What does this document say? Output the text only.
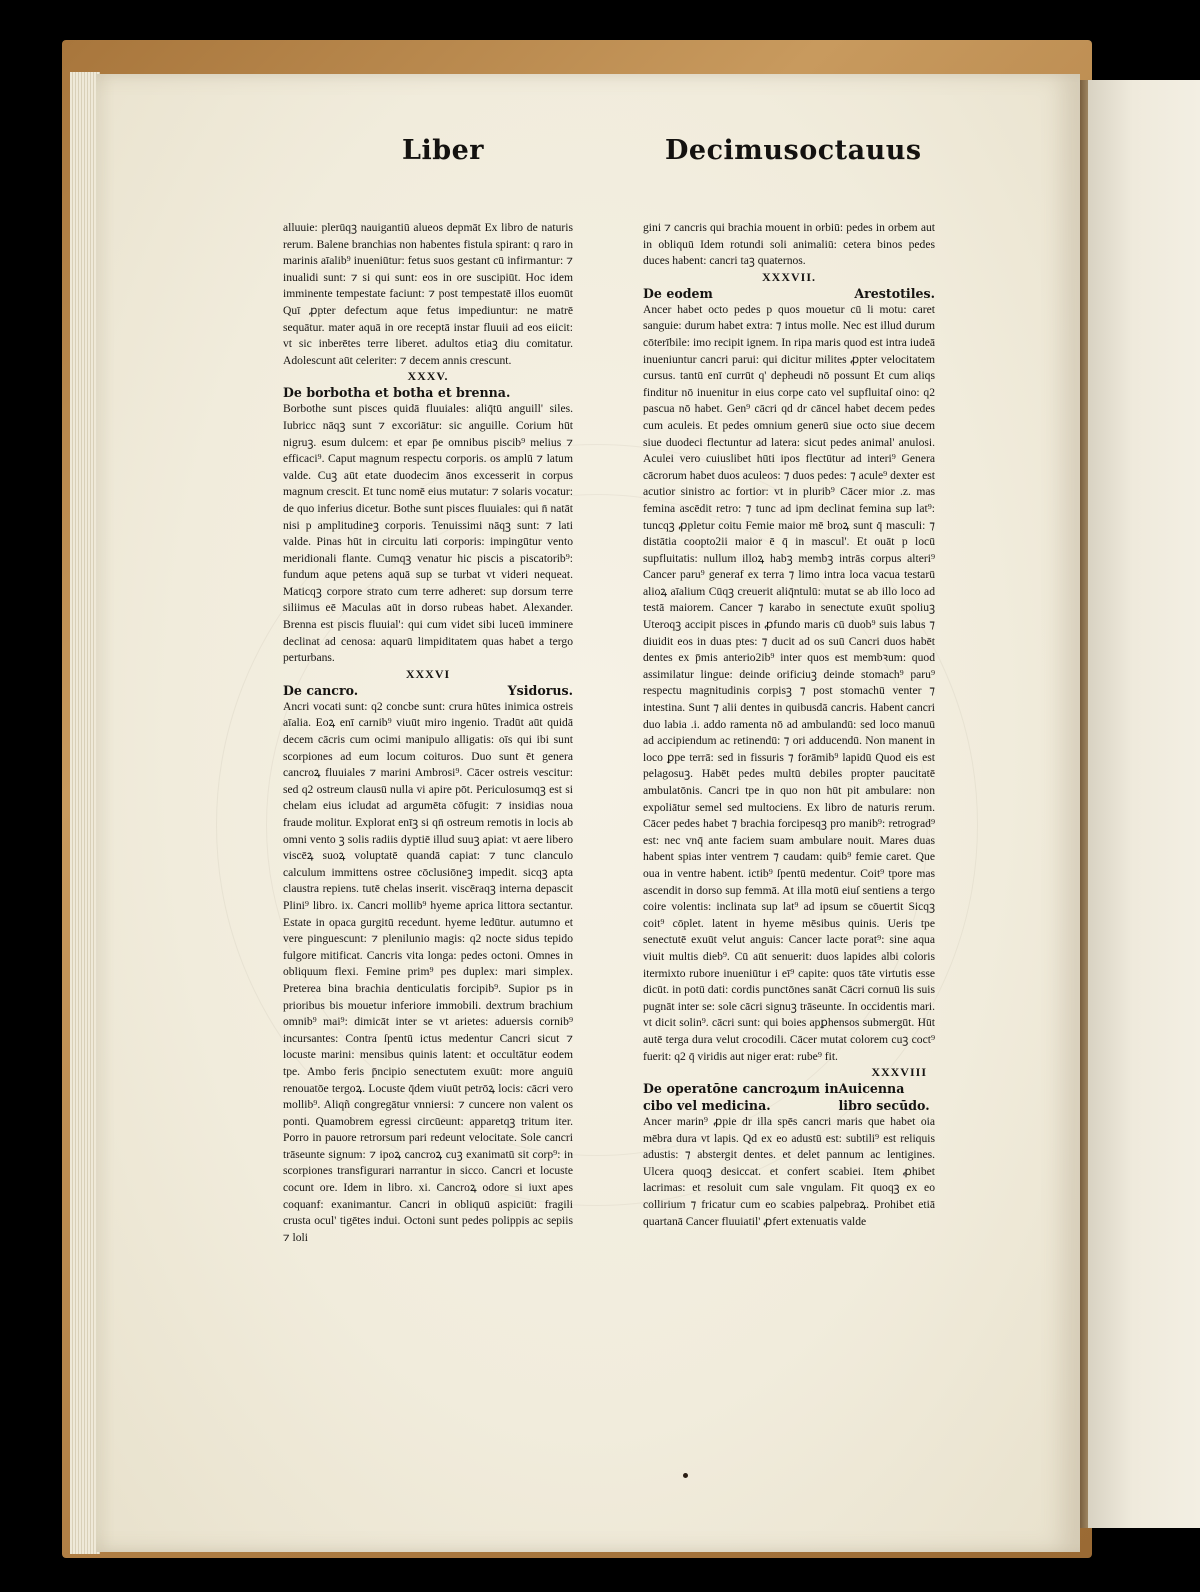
Liber	Decimusoctauus

alluuie: plerūqꝫ nauigantiū alueos depmāt Ex libro de naturis rerum. Balene branchias non habentes fistula spirant: q raro in marinis aīalib⁹ inueniūtur: fetus suos gestant cū infirmantur: ⁊ inualidi sunt: ⁊ si qui sunt: eos in ore suscipiūt. Hoc idem imminente tempestate faciunt: ⁊ post tempestatē illos euomūt Quī ꝓpter defectum aque fetus impediuntur: ne matrē sequātur. mater aquā in ore receptā instar fluuii ad eos eiicit: vt sic inberētes terre liberet. adultos etiaꝫ diu comitatur. Adolescunt aūt celeriter: ⁊ decem annis crescunt.

XXXV.

De borbotha et botha et brenna.

Borbothe sunt pisces quidā fluuiales: aliq̄tū anguill' siles. Iubricc nāqꝫ sunt ⁊ excoriātur: sic anguille. Corium hūt nigruꝫ. esum dulcem: et epar p̄e omnibus piscib⁹ melius ⁊ efficaci⁹. Caput magnum respectu corporis. os amplū ⁊ latum valde. Cuꝫ aūt etate duodecim ānos excesserit in corpus magnum crescit. Et tunc nomē eius mutatur: ⁊ solaris vocatur: de quo inferius dicetur. Bothe sunt pisces fluuiales: qui n̄ natāt nisi p amplitudineꝫ corporis. Tenuissimi nāqꝫ sunt: ⁊ lati valde. Pinas hūt in circuitu lati corporis: impingūtur vento meridionali flante. Cumqꝫ venatur hic piscis a piscatorib⁹: fundum aque petens aquā sup se turbat vt videri nequeat. Maticqꝫ corpore strato cum terre adheret: sup dorsum terre siliimus eē Maculas aūt in dorso rubeas habet. Alexander. Brenna est piscis fluuial': qui cum videt sibi luceū imminere declinat ad cenosa: aquarū limpiditatem quas habet a tergo perturbans.

XXXVI

De cancro.	Ysidorus.

Ancri vocati sunt: q2 concbe sunt: crura hūtes inimica ostreis aīalia. Eoꝝ enī carnib⁹ viuūt miro ingenio. Tradūt aūt quidā decem cācris cum ocimi manipulo alligatis: oīs qui ibi sunt scorpiones ad eum locum coituros. Duo sunt ēt genera cancroꝝ fluuiales ⁊ marini Ambrosi⁹. Cācer ostreis vescitur: sed q2 ostreum clausū nulla vi apire pōt. Periculosumqꝫ est si chelam eius icludat ad argumēta cōfugit: ⁊ insidias noua fraude molitur. Explorat enīꝫ si qn̄ ostreum remotis in locis ab omni vento ꝫ solis radiis dyptiē illud suuꝫ apiat: vt aere libero viscēꝝ suoꝝ voluptatē quandā capiat: ⁊ tunc clanculo calculum immittens ostree cōclusiōneꝫ impedit. sicqꝫ apta claustra repiens. tutē chelas inserit. viscēraqꝫ interna depascit Plini⁹ libro. ix. Cancri mollib⁹ hyeme aprica littora sectantur. Estate in opaca gurgitū recedunt. hyeme ledūtur. autumno et vere pinguescunt: ⁊ plenilunio magis: q2 nocte sidus tepido fulgore mitificat. Cancris vita longa: pedes octoni. Omnes in obliquum flexi. Femine prim⁹ pes duplex: mari simplex. Preterea bina brachia denticulatis forcipib⁹. Supior ps in prioribus bis mouetur inferiore immobili. dextrum brachium omnib⁹ mai⁹: dimicāt inter se vt arietes: aduersis cornib⁹ incursantes: Contra ſpentū ictus medentur Cancri sicut ⁊ locuste marini: mensibus quinis latent: et occultātur eodem tpe. Ambo feris p̄ncipio senectutem exuūt: more anguiū renouatōe tergoꝝ. Locuste q̄dem viuūt petrōꝝ locis: cācri vero mollib⁹. Aliqñ congregātur vnniersi: ⁊ cuncere non valent os ponti. Quamobrem egressi circūeunt: apparetqꝫ tritum iter. Porro in pauore retrorsum pari redeunt velocitate. Sole cancri trāseunte signum: ⁊ ipoꝝ cancroꝝ cuꝫ exanimatū sit corp⁹: in scorpiones transfigurari narrantur in sicco. Cancri et locuste cocunt ore. Idem in libro. xi. Cancroꝝ odore si iuxt apes coquanf: exanimantur. Cancri in obliquū aspiciūt: fragili crusta ocul' tigētes indui. Octoni sunt pedes polippis ac sepiis ⁊ loli

gini ⁊ cancris qui brachia mouent in orbiū: pedes in orbem aut in obliquū Idem rotundi soli animaliū: cetera binos pedes duces habent: cancri taꝫ quaternos.

XXXVII.

De eodem	Arestotiles.

Ancer habet octo pedes p quos mouetur cū li motu: caret sanguie: durum habet extra: ⁊ intus molle. Nec est illud durum cōterībile: imo recipit ignem. In ripa maris quod est intra iudeā inueniuntur cancri parui: qui dicitur milites ꝓpter velocitatem cursus. tantū enī currūt q' depheudi nō possunt Et cum aliqs finditur nō inuenitur in eius corpe cato vel supfluitaſ oino: q2 pascua nō habet. Gen⁹ cācri qd dr cāncel habet decem pedes cum aculeis. Et pedes omnium generū siue octo siue decem siue duodeci flectuntur ad latera: sicut pedes animal' anulosi. Aculei vero cuiuslibet hūti ipos flectūtur ad interi⁹ Genera cācrorum habet duos aculeos: ⁊ duos pedes: ⁊ acule⁹ dexter est acutior sinistro ac fortior: vt in plurib⁹ Cācer mior .z. mas femina ascēdit retro: ⁊ tunc ad ipm declinat femina sup lat⁹: tuncqꝫ ꝓpletur coitu Femie maior mē broꝝ sunt q̄ masculi: ⁊ distātia coopto2ii maior ē q̄ in mascul'. Et ouāt p locū supfluitatis: nullum illoꝝ habꝫ membꝫ intrās corpus alteri⁹ Cancer paru⁹ generaf ex terra ⁊ limo intra loca vacua testarū alioꝝ aīalium Cūqꝫ creuerit aliq̄ntulū: mutat se ab illo loco ad testā maiorem. Cancer ⁊ karabo in senectute exuūt spoliuꝫ Uteroqꝫ accipit pisces in ꝓfundo maris cū duob⁹ suis labus ⁊ diuidit eos in duas ptes: ⁊ ducit ad os suū Cancri duos habēt dentes ex p̄mis anterio2ib⁹ inter quos est membꝛum: quod assimilatur lingue: deinde orificiuꝫ deinde stomach⁹ paru⁹ respectu magnitudinis corpisꝫ ⁊ post stomachū venter ⁊ intestina. Sunt ⁊ alii dentes in quibusdā cancris. Habent cancri duo labia .i. addo ramenta nō ad ambulandū: sed loco manuū ad accipiendum ac retinendū: ⁊ ori adducendū. Non manent in loco ꝑpe terrā: sed in fissuris ⁊ forāmib⁹ lapidū Quod eis est pelagosuꝫ. Habēt pedes multū debiles propter paucitatē ambulatōnis. Cancri tpe in quo non hūt pit ambulare: non expoliātur semel sed multociens. Ex libro de naturis rerum. Cācer pedes habet ⁊ brachia forcipesqꝫ pro manib⁹: retrograd⁹ est: nec vnq̄ ante faciem suam ambulare nouit. Mares duas habent spias inter ventrem ⁊ caudam: quib⁹ femie caret. Que oua in ventre habent. ictib⁹ ſpentū medentur. Coit⁹ tpore mas ascendit in dorso sup femmā. At illa motū eiuſ sentiens a tergo coire volentis: inclinata sup lat⁹ ad ipsum se cōuertit Sicqꝫ coit⁹ cōplet. latent in hyeme mēsibus quinis. Ueris tpe senectutē exuūt velut anguis: Cancer lacte porat⁹: sine aqua viuit multis dieb⁹. Cū aūt senuerit: duos lapides albi coloris itermixto rubore inueniūtur i eī⁹ capite: quos tāte virtutis esse dicūt. in potū dati: cordis punctōnes sanāt Cācri cornuū lis suis pugnāt inter se: sole cācri signuꝫ trāseunte. In occidentis mari. vt dicit solin⁹. cācri sunt: qui boies apꝑhensos submergūt. Hūt autē terga dura velut crocodili. Cācer mutat colorem cuꝫ coct⁹ fuerit: q2 q̄ viridis aut niger erat: rube⁹ fit.

XXXVIII

De operatōne cancroꝝum in cibo vel medicina.
Auicenna libro secūdo.

Ancer marin⁹ ꝓpie dr illa spēs cancri maris que habet oia mēbra dura vt lapis. Qd ex eo adustū est: subtili⁹ est reliquis adustis: ⁊ abstergit dentes. et delet pannum ac lentigines. Ulcera quoqꝫ desiccat. et confert scabiei. Item ꝓhibet lacrimas: et resoluit cum sale vngulam. Fit quoqꝫ ex eo collirium ⁊ fricatur cum eo scabies palpebraꝝ. Prohibet etiā quartanā Cancer fluuiatil' ꝓfert extenuatis valde
